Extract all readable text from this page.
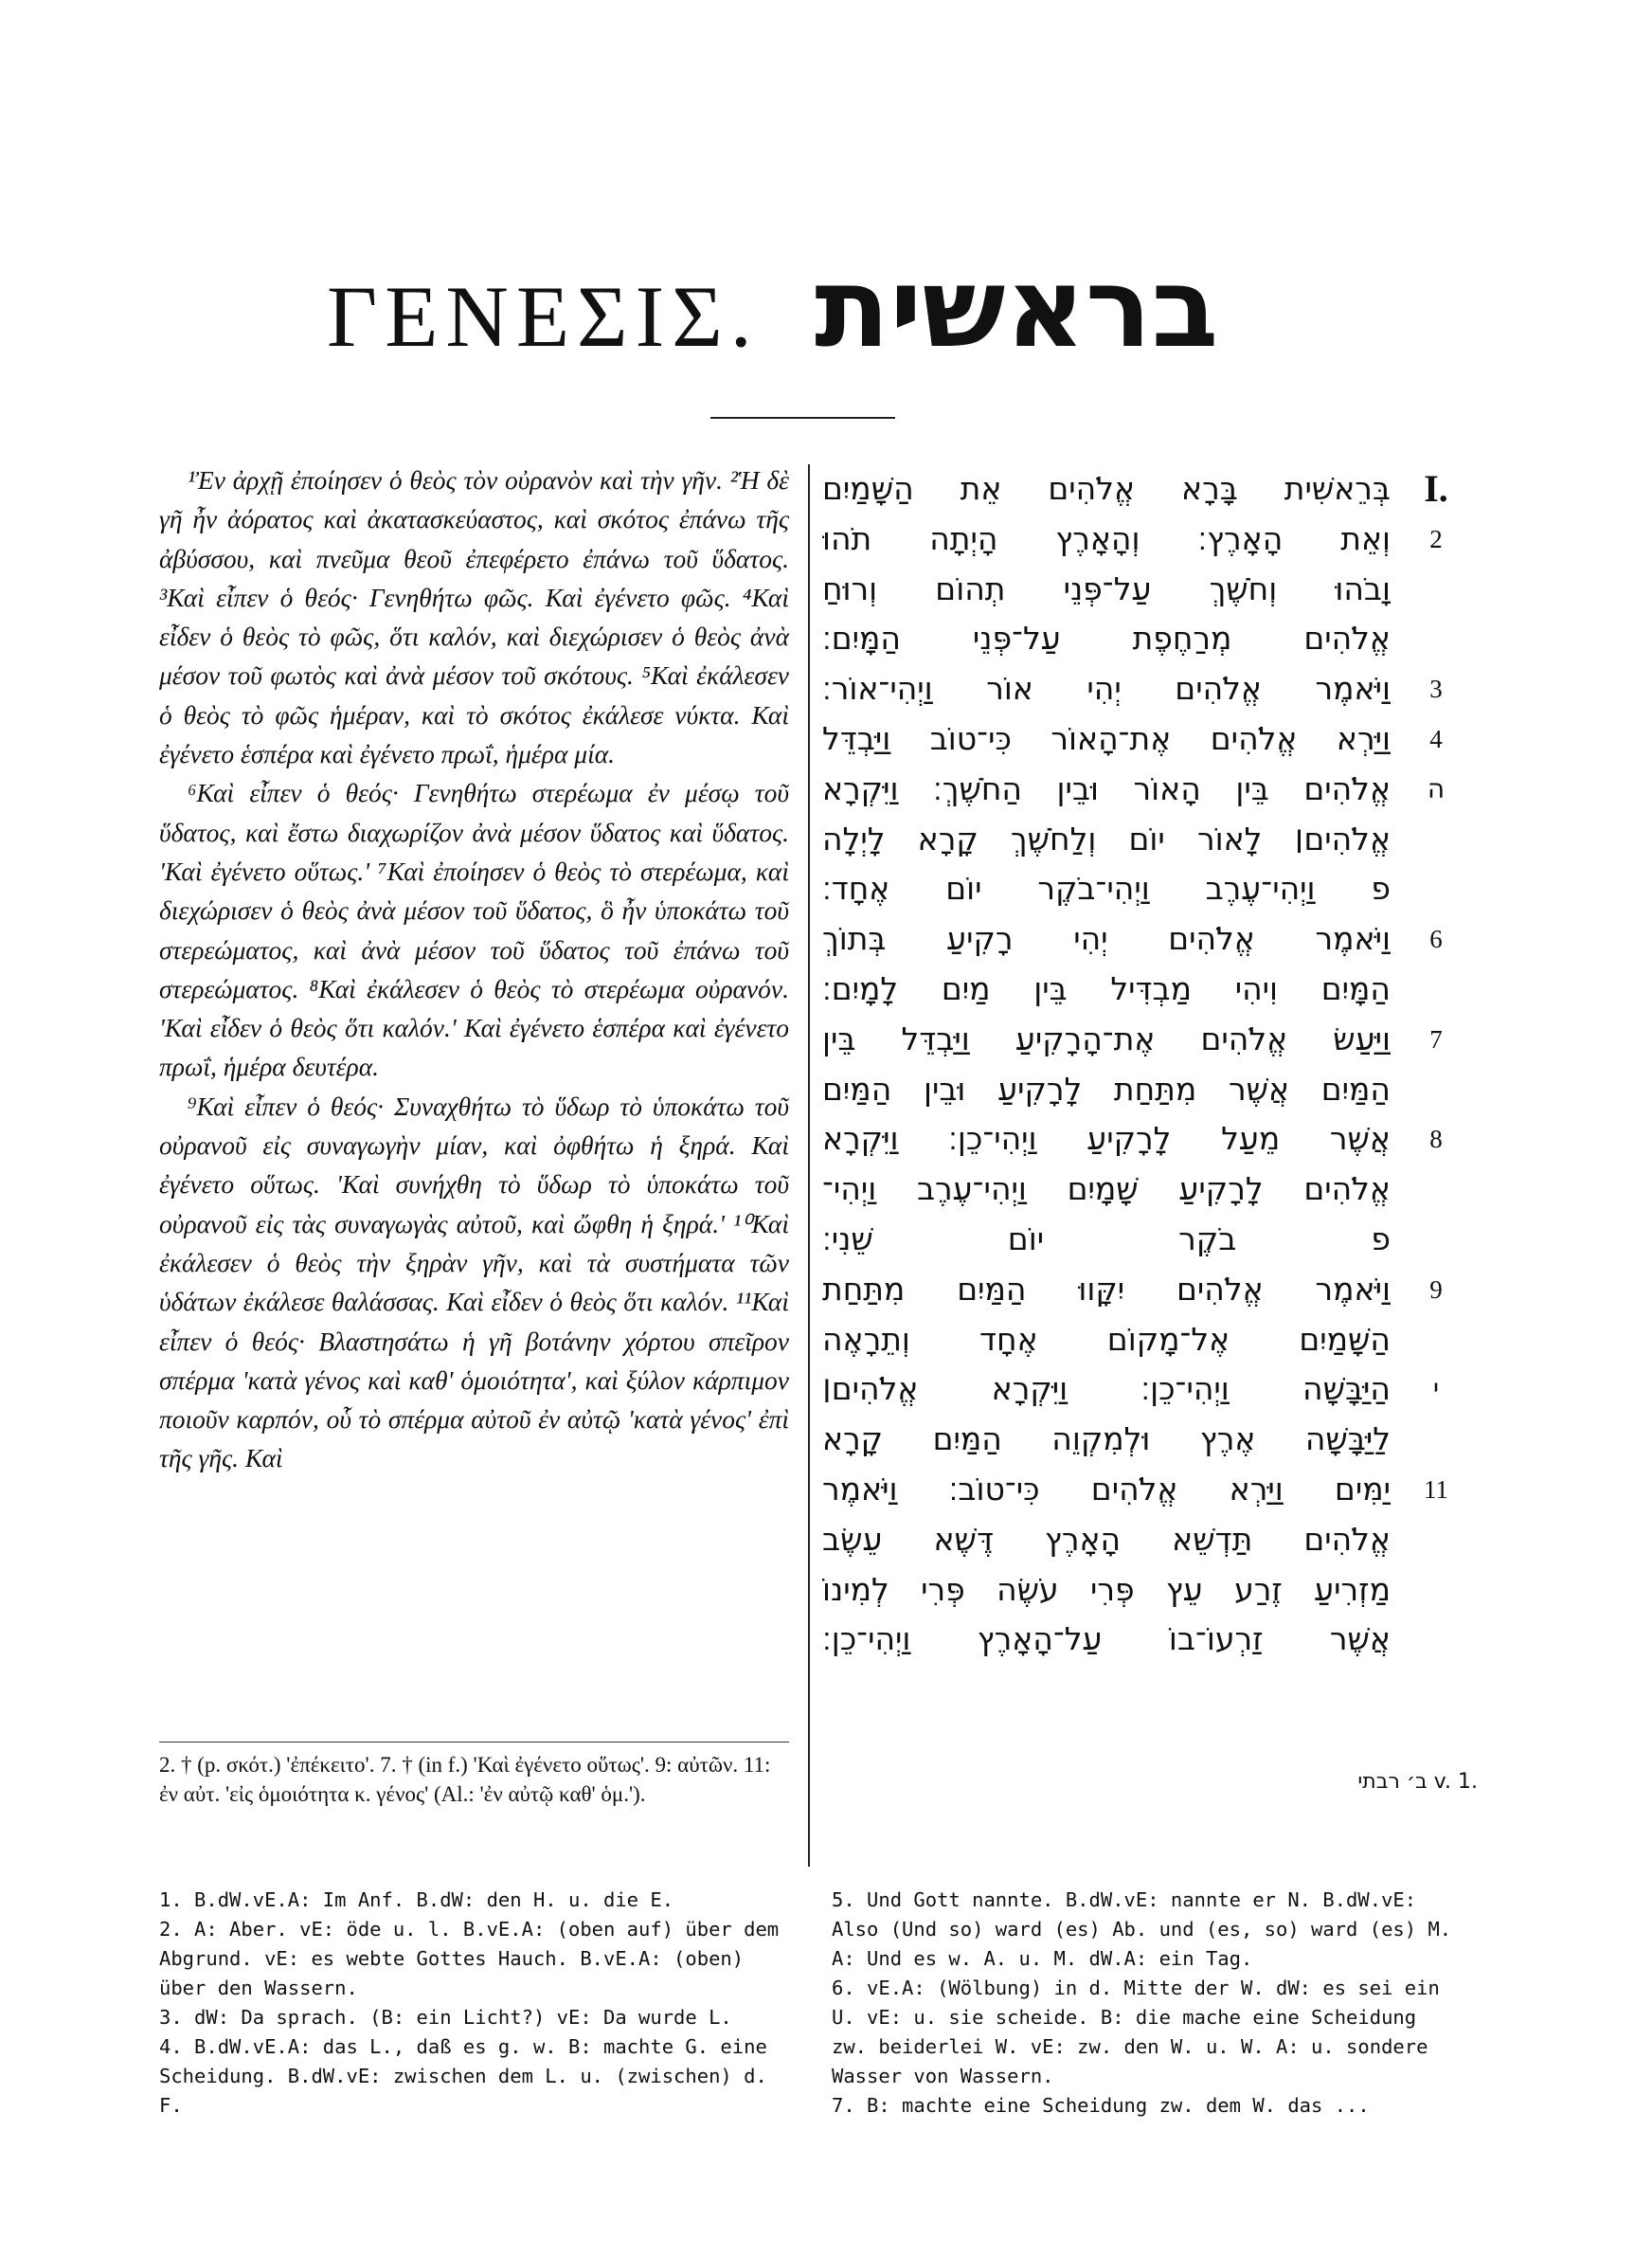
ΓΕΝΕΣΙΣ. בראשית

¹Ἐν ἀρχῇ ἐποίησεν ὁ θεὸς τὸν οὐρανὸν καὶ τὴν γῆν. ²Ἡ δὲ γῆ ἦν ἀόρατος καὶ ἀκατασκεύαστος, καὶ σκότος ἐπάνω τῆς ἀβύσσου, καὶ πνεῦμα θεοῦ ἐπεφέρετο ἐπάνω τοῦ ὕδατος. ³Καὶ εἶπεν ὁ θεός· Γενηθήτω φῶς. Καὶ ἐγένετο φῶς. ⁴Καὶ εἶδεν ὁ θεὸς τὸ φῶς, ὅτι καλόν, καὶ διεχώρισεν ὁ θεὸς ἀνὰ μέσον τοῦ φωτὸς καὶ ἀνὰ μέσον τοῦ σκότους. ⁵Καὶ ἐκάλεσεν ὁ θεὸς τὸ φῶς ἡμέραν, καὶ τὸ σκότος ἐκάλεσε νύκτα. Καὶ ἐγένετο ἑσπέρα καὶ ἐγένετο πρωΐ, ἡμέρα μία.

⁶Καὶ εἶπεν ὁ θεός· Γενηθήτω στερέωμα ἐν μέσῳ τοῦ ὕδατος, καὶ ἔστω διαχωρίζον ἀνὰ μέσον ὕδατος καὶ ὕδατος. 'Καὶ ἐγένετο οὕτως.' ⁷Καὶ ἐποίησεν ὁ θεὸς τὸ στερέωμα, καὶ διεχώρισεν ὁ θεὸς ἀνὰ μέσον τοῦ ὕδατος, ὃ ἦν ὑποκάτω τοῦ στερεώματος, καὶ ἀνὰ μέσον τοῦ ὕδατος τοῦ ἐπάνω τοῦ στερεώματος. ⁸Καὶ ἐκάλεσεν ὁ θεὸς τὸ στερέωμα οὐρανόν. 'Καὶ εἶδεν ὁ θεὸς ὅτι καλόν.' Καὶ ἐγένετο ἑσπέρα καὶ ἐγένετο πρωΐ, ἡμέρα δευτέρα.

⁹Καὶ εἶπεν ὁ θεός· Συναχθήτω τὸ ὕδωρ τὸ ὑποκάτω τοῦ οὐρανοῦ εἰς συναγωγὴν μίαν, καὶ ὀφθήτω ἡ ξηρά. Καὶ ἐγένετο οὕτως. 'Καὶ συνήχθη τὸ ὕδωρ τὸ ὑποκάτω τοῦ οὐρανοῦ εἰς τὰς συναγωγὰς αὐτοῦ, καὶ ὤφθη ἡ ξηρά.' ¹⁰Καὶ ἐκάλεσεν ὁ θεὸς τὴν ξηρὰν γῆν, καὶ τὰ συστήματα τῶν ὑδάτων ἐκάλεσε θαλάσσας. Καὶ εἶδεν ὁ θεὸς ὅτι καλόν. ¹¹Καὶ εἶπεν ὁ θεός· Βλαστησάτω ἡ γῆ βοτάνην χόρτου σπεῖρον σπέρμα 'κατὰ γένος καὶ καθ' ὁμοιότητα', καὶ ξύλον κάρπιμον ποιοῦν καρπόν, οὗ τὸ σπέρμα αὐτοῦ ἐν αὐτῷ 'κατὰ γένος' ἐπὶ τῆς γῆς. Καὶ

2. † (p. σκότ.) 'ἐπέκειτο'. 7. † (in f.) 'Καὶ ἐγένετο οὕτως'. 9: αὐτῶν. 11: ἐν αὐτ. 'εἰς ὁμοιότητα κ. γένος' (Al.: 'ἐν αὐτῷ καθ' ὁμ.').
בְּרֵאשִׁית בָּרָא אֱלֹהִים אֵת הַשָּׁמַיִם I.
וְאֵת הָאָרֶץ׃ וְהָאָרֶץ הָיְתָה תֹהוּ	2
וָבֹהוּ וְחֹשֶׁךְ עַל־פְּנֵי תְהוֹם וְרוּחַ
אֱלֹהִים מְרַחֶפֶת עַל־פְּנֵי הַמָּיִם׃
וַיֹּאמֶר אֱלֹהִים יְהִי אוֹר וַיְהִי־אוֹר׃	3
וַיַּרְא אֱלֹהִים אֶת־הָאוֹר כִּי־טוֹב וַיַּבְדֵּל	4
אֱלֹהִים בֵּין הָאוֹר וּבֵין הַחֹשֶׁךְ׃ וַיִּקְרָא	ה
אֱלֹהִים׀ לָאוֹר יוֹם וְלַחֹשֶׁךְ קָרָא לָיְלָה
פ וַיְהִי־עֶרֶב וַיְהִי־בֹקֶר יוֹם אֶחָד׃
וַיֹּאמֶר אֱלֹהִים יְהִי רָקִיעַ בְּתוֹךְ	6
הַמָּיִם וִיהִי מַבְדִּיל בֵּין מַיִם לָמָיִם׃
וַיַּעַשׂ אֱלֹהִים אֶת־הָרָקִיעַ וַיַּבְדֵּל בֵּין	7
הַמַּיִם אֲשֶׁר מִתַּחַת לָרָקִיעַ וּבֵין הַמַּיִם
אֲשֶׁר מֵעַל לָרָקִיעַ וַיְהִי־כֵן׃ וַיִּקְרָא	8
אֱלֹהִים לָרָקִיעַ שָׁמָיִם וַיְהִי־עֶרֶב וַיְהִי־
פ בֹקֶר יוֹם שֵׁנִי׃
וַיֹּאמֶר אֱלֹהִים יִקָּווּ הַמַּיִם מִתַּחַת	9
הַשָּׁמַיִם אֶל־מָקוֹם אֶחָד וְתֵרָאֶה
הַיַּבָּשָׁה וַיְהִי־כֵן׃ וַיִּקְרָא אֱלֹהִים׀	י
לַיַּבָּשָׁה אֶרֶץ וּלְמִקְוֵה הַמַּיִם קָרָא
יַמִּים וַיַּרְא אֱלֹהִים כִּי־טוֹב׃ וַיֹּאמֶר	11
אֱלֹהִים תַּדְשֵׁא הָאָרֶץ דֶּשֶׁא עֵשֶׂב
מַזְרִיעַ זֶרַע עֵץ פְּרִי עֹשֶׂה פְּרִי לְמִינוֹ
אֲשֶׁר זַרְעוֹ־בוֹ עַל־הָאָרֶץ וַיְהִי־כֵן׃
ב׳ רבתי v. 1.
1. B.dW.vE.A: Im Anf. B.dW: den H. u. die E.
2. A: Aber. vE: öde u. l. B.vE.A: (oben auf) über dem Abgrund. vE: es webte Gottes Hauch. B.vE.A: (oben) über den Wassern.
3. dW: Da sprach. (B: ein Licht?) vE: Da wurde L.
4. B.dW.vE.A: das L., daß es g. w. B: machte G. eine Scheidung. B.dW.vE: zwischen dem L. u. (zwischen) d. F.
5. Und Gott nannte. B.dW.vE: nannte er N. B.dW.vE: Also (Und so) ward (es) Ab. und (es, so) ward (es) M. A: Und es w. A. u. M. dW.A: ein Tag.
6. vE.A: (Wölbung) in d. Mitte der W. dW: es sei ein U. vE: u. sie scheide. B: die mache eine Scheidung zw. beiderlei W. vE: zw. den W. u. W. A: u. sondere Wasser von Wassern.
7. B: machte eine Scheidung zw. dem W. das ...
